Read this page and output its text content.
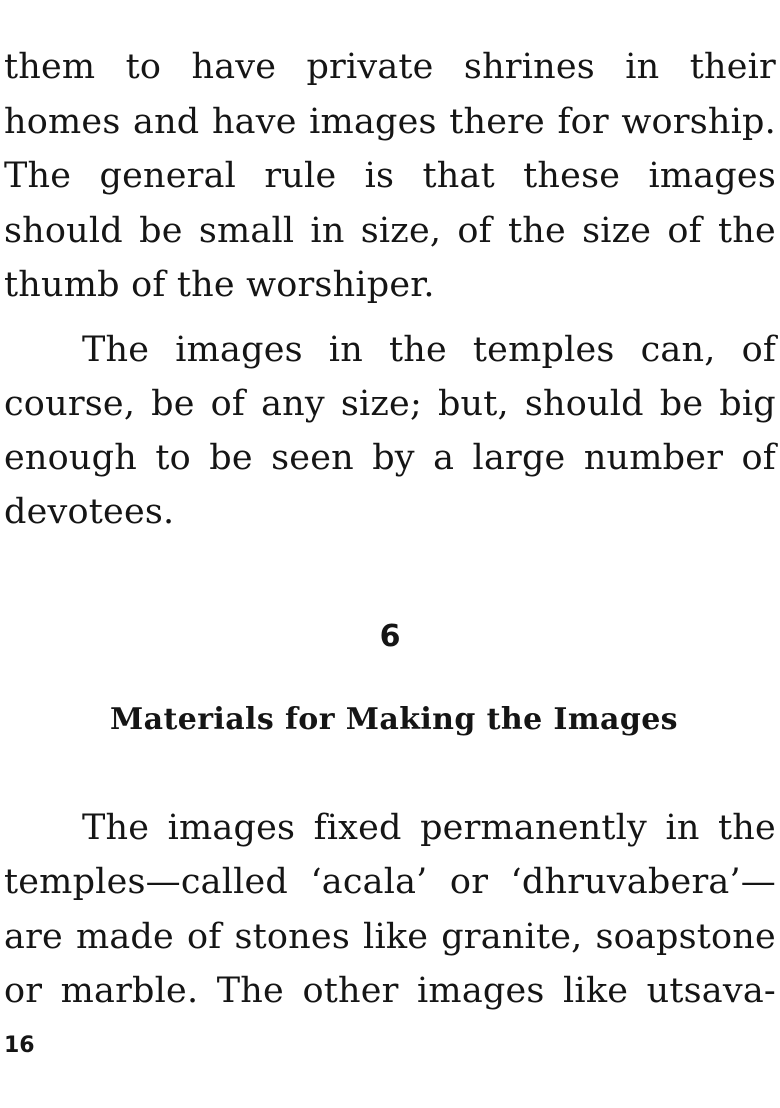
them to have private shrines in their
homes and have images there for worship.
The general rule is that these images
should be small in size, of the size of the
thumb of the worshiper.
The images in the temples can, of
course, be of any size; but, should be big
enough to be seen by a large number of
devotees.
6
Materials for Making the Images
The images fixed permanently in the
temples—called ‘acala’ or ‘dhruvabera’—
are made of stones like granite, soapstone
or marble. The other images like utsava-
16
